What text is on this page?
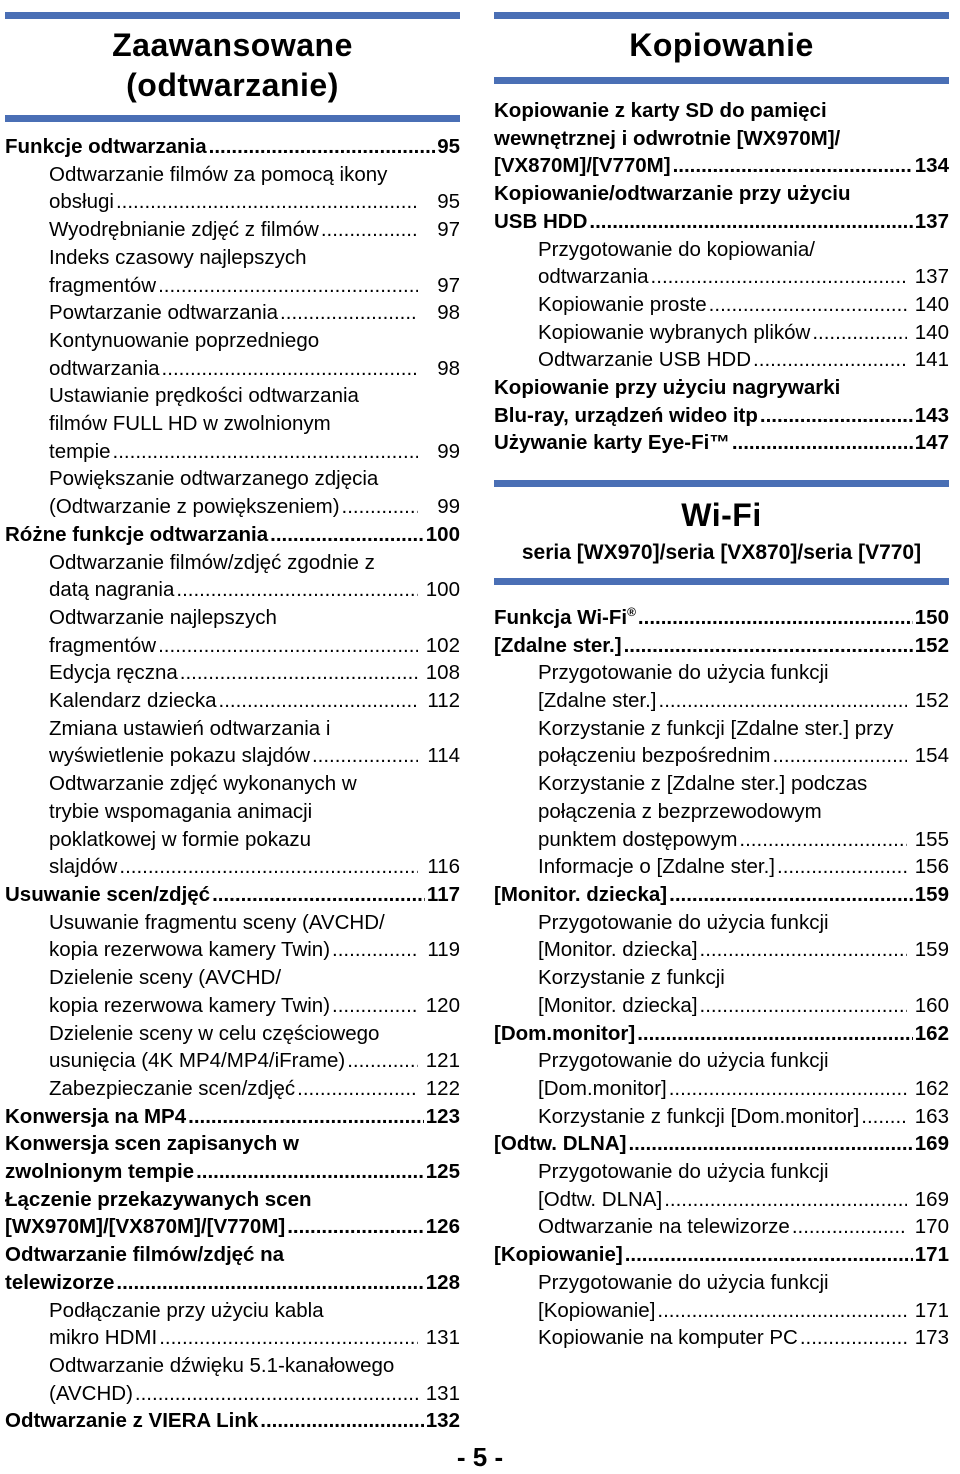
Zaawansowane
(odtwarzanie)
Funkcje odtwarzania .....	95
Odtwarzanie filmów za pomocą ikony
obsługi .....	95
Wyodrębnianie zdjęć z filmów .....	97
Indeks czasowy najlepszych
fragmentów .....	97
Powtarzanie odtwarzania .....	98
Kontynuowanie poprzedniego
odtwarzania .....	98
Ustawianie prędkości odtwarzania
filmów FULL HD w zwolnionym
tempie .....	99
Powiększanie odtwarzanego zdjęcia
(Odtwarzanie z powiększeniem) .....	99
Różne funkcje odtwarzania .....	100
Odtwarzanie filmów/zdjęć zgodnie z
datą nagrania .....	100
Odtwarzanie najlepszych
fragmentów .....	102
Edycja ręczna .....	108
Kalendarz dziecka .....	112
Zmiana ustawień odtwarzania i
wyświetlenie pokazu slajdów .....	114
Odtwarzanie zdjęć wykonanych w
trybie wspomagania animacji
poklatkowej w formie pokazu
slajdów .....	116
Usuwanie scen/zdjęć .....	117
Usuwanie fragmentu sceny (AVCHD/
kopia rezerwowa kamery Twin) .....	119
Dzielenie sceny (AVCHD/
kopia rezerwowa kamery Twin) .....	120
Dzielenie sceny w celu częściowego
usunięcia (4K MP4/MP4/iFrame) .....	121
Zabezpieczanie scen/zdjęć .....	122
Konwersja na MP4 .....	123
Konwersja scen zapisanych w
zwolnionym tempie .....	125
Łączenie przekazywanych scen
[WX970M]/[VX870M]/[V770M] .....	126
Odtwarzanie filmów/zdjęć na
telewizorze .....	128
Podłączanie przy użyciu kabla
mikro HDMI .....	131
Odtwarzanie dźwięku 5.1-kanałowego
(AVCHD) .....	131
Odtwarzanie z VIERA Link .....	132
Kopiowanie
Kopiowanie z karty SD do pamięci
wewnętrznej i odwrotnie [WX970M]/
[VX870M]/[V770M] .....	134
Kopiowanie/odtwarzanie przy użyciu
USB HDD .....	137
Przygotowanie do kopiowania/
odtwarzania .....	137
Kopiowanie proste .....	140
Kopiowanie wybranych plików .....	140
Odtwarzanie USB HDD .....	141
Kopiowanie przy użyciu nagrywarki
Blu-ray, urządzeń wideo itp .....	143
Używanie karty Eye-Fi™ .....	147
Wi-Fi
seria [WX970]/seria [VX870]/seria [V770]
Funkcja Wi-Fi® .....	150
[Zdalne ster.] .....	152
Przygotowanie do użycia funkcji
[Zdalne ster.] .....	152
Korzystanie z funkcji [Zdalne ster.] przy
połączeniu bezpośrednim .....	154
Korzystanie z [Zdalne ster.] podczas
połączenia z bezprzewodowym
punktem dostępowym .....	155
Informacje o [Zdalne ster.] .....	156
[Monitor. dziecka] .....	159
Przygotowanie do użycia funkcji
[Monitor. dziecka] .....	159
Korzystanie z funkcji
[Monitor. dziecka] .....	160
[Dom.monitor] .....	162
Przygotowanie do użycia funkcji
[Dom.monitor] .....	162
Korzystanie z funkcji [Dom.monitor] .....	163
[Odtw. DLNA] .....	169
Przygotowanie do użycia funkcji
[Odtw. DLNA] .....	169
Odtwarzanie na telewizorze .....	170
[Kopiowanie] .....	171
Przygotowanie do użycia funkcji
[Kopiowanie] .....	171
Kopiowanie na komputer PC .....	173
- 5 -
